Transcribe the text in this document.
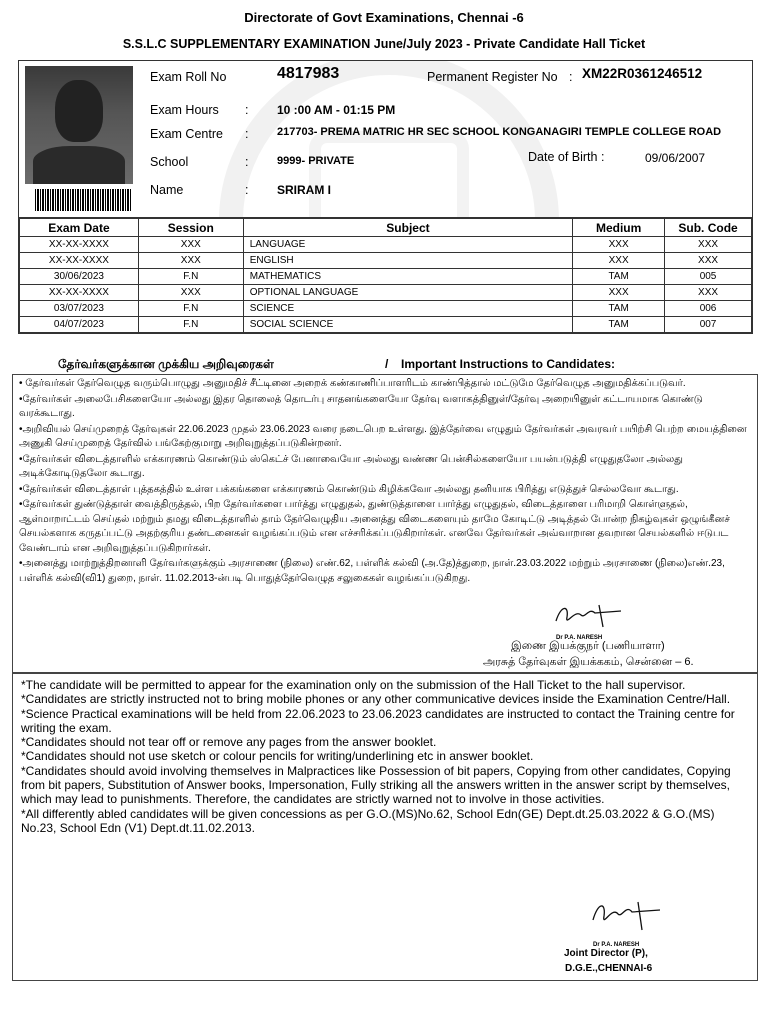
Directorate of Govt Examinations, Chennai -6
S.S.L.C SUPPLEMENTARY EXAMINATION June/July 2023 - Private Candidate Hall Ticket
Exam Roll No	4817983	Permanent Register No : XM22R0361246512
Exam Hours : 10 :00 AM - 01:15 PM
Exam Centre :	217703- PREMA MATRIC HR SEC SCHOOL KONGANAGIRI TEMPLE COLLEGE ROAD
School	:	9999- PRIVATE	Date of Birth :	09/06/2007
Name	: SRIRAM I
Exam Date	Session	Subject	Medium	Sub. Code
XX-XX-XXXX	XXX	LANGUAGE	XXX	XXX
XX-XX-XXXX	XXX	ENGLISH	XXX	XXX
30/06/2023	F.N	MATHEMATICS	TAM	005
XX-XX-XXXX	XXX	OPTIONAL LANGUAGE	XXX	XXX
03/07/2023	F.N	SCIENCE	TAM	006
04/07/2023	F.N	SOCIAL SCIENCE	TAM	007
தேர்வர்களுக்கான முக்கிய அறிவுரைகள்	/ Important Instructions to Candidates:

• தேர்வர்கள் தேர்வெழுத வரும்பொழுது அனுமதிச் சீட்டினை அறைக் கண்காணிப்பாளரிடம் காண்பித்தால் மட்டுமே தேர்வெழுத அனுமதிக்கப்படுவர்.

•தேர்வர்கள் அலைபேசிகளையோ அல்லது இதர தொலைத் தொடர்பு சாதனங்களையோ தேர்வு வளாகத்தினுள்/தேர்வு அறையினுள் கட்டாயமாக கொண்டு வரக்கூடாது.

•அறிவியல் செய்முறைத் தேர்வுகள் 22.06.2023 முதல் 23.06.2023 வரை நடைபெற உள்ளது. இத்தேர்வை எழுதும் தேர்வர்கள் அவரவர் பயிற்சி பெற்ற மையத்தினை அணுகி செய்முறைத் தேர்வில் பங்கேற்குமாறு அறிவுறுத்தப்படுகின்றனர்.

•தேர்வர்கள் விடைத்தாளில் எக்காரணம் கொண்டும் ஸ்கெட்ச் பேனாவையோ அல்லது வண்ண பென்சில்களையோ பயன்படுத்தி எழுதுதலோ அல்லது அடிக்கோடிடுதலோ கூடாது.

•தேர்வர்கள் விடைத்தாள் புத்தகத்தில் உள்ள பக்கங்களை எக்காரணம் கொண்டும் கிழிக்கவோ அல்லது தனியாக பிரித்து எடுத்துச் செல்லவோ கூடாது.

•தேர்வர்கள் துண்டுத்தாள் வைத்திருத்தல், பிற தேர்வர்களை பார்த்து எழுதுதல், துண்டுத்தாளை பார்த்து எழுதுதல், விடைத்தாளை பரிமாறி கொள்ளுதல், ஆள்மாறாட்டம் செய்தல் மற்றும் தமது விடைத்தாளில் தாம் தேர்வெழுதிய அனைத்து விடைகளையும் தாமே கோடிட்டு அடித்தல் போன்ற நிகழ்வுகள் ஒழுங்கீனச் செயல்களாக கருதப்பட்டு அதற்குரிய தண்டனைகள் வழங்கப்படும் என எச்சரிக்கப்படுகிறார்கள். எனவே தேர்வர்கள் அவ்வாறான தவறான செயல்களில் ஈடுபட வேண்டாம் என அறிவுறுத்தப்படுகிறார்கள்.

•அனைத்து மாற்றுத்திறனாளி தேர்வர்களுக்கும் அரசாணை (நிலை) எண்.62, பள்ளிக் கல்வி (அ.தே)த்துறை, நாள்.23.03.2022 மற்றும் அரசாணை (நிலை)எண்.23, பள்ளிக் கல்வி(வி1) துறை, நாள். 11.02.2013-ன்படி பொதுத்தேர்வெழுத சலுகைகள் வழங்கப்படுகிறது.

Dr P.A. NARESH
இணை இயக்குநர் (பணியாளா)
அரசுத் தேர்வுகள் இயக்ககம், சென்னை – 6.

*The candidate will be permitted to appear for the examination only on the submission of the Hall Ticket to the hall supervisor.

*Candidates are strictly instructed not to bring mobile phones or any other communicative devices inside the Examination Centre/Hall.

*Science Practical examinations will be held from 22.06.2023 to 23.06.2023 candidates are instructed to contact the Training centre for writing the exam.

*Candidates should not tear off or remove any pages from the answer booklet.

*Candidates should not use sketch or colour pencils for writing/underlining etc in answer booklet.

*Candidates should avoid involving themselves in Malpractices like Possession of bit papers, Copying from other candidates, Copying from bit papers, Substitution of Answer books, Impersonation, Fully striking all the answers written in the answer script by themselves, which may lead to punishments. Therefore, the candidates are strictly warned not to involve in those activities.

*All differently abled candidates will be given concessions as per G.O.(MS)No.62, School Edn(GE) Dept.dt.25.03.2022 & G.O.(MS) No.23, School Edn (V1) Dept.dt.11.02.2013.

Dr P.A. NARESH
Joint Director (P),
D.G.E.,CHENNAI-6
